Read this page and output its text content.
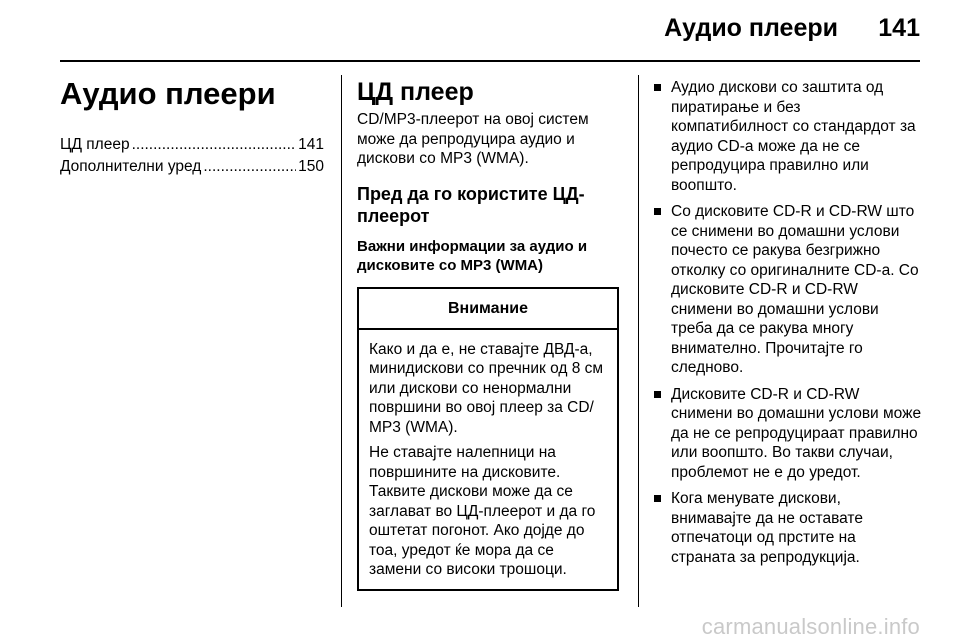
Аудио плеери 141
Аудио плеери
ЦД плеер .....	141
Дополнителни уред .....	150
ЦД плеер

CD/MP3-плеерот на овој систем може да репродуцира аудио и дискови со MP3 (WMA).

Пред да го користите ЦД-плеерот
Важни информации за аудио и дисковите со MP3 (WMA)
Внимание

Како и да е, не ставајте ДВД-а, минидискови со пречник од 8 см или дискови со ненормални површини во овој плеер за CD/ MP3 (WMA).

Не ставајте налепници на површините на дисковите. Таквите дискови може да се заглават во ЦД-плеерот и да го оштетат погонот. Ако дојде до тоа, уредот ќе мора да се замени со високи трошоци.

Аудио дискови со заштита од пиратирање и без компатибилност со стандардот за аудио CD-а може да не се репродуцира правилно или воопшто.
Со дисковите CD-R и CD-RW што се снимени во домашни услови почесто се ракува безгрижно отколку со оригиналните CD-а. Со дисковите CD-R и CD-RW снимени во домашни услови треба да се ракува многу внимателно. Прочитајте го следново.
Дисковите CD-R и CD-RW снимени во домашни услови може да не се репродуцираат правилно или воопшто. Во такви случаи, проблемот не е до уредот.
Кога менувате дискови, внимавајте да не оставате отпечатоци од прстите на страната за репродукција.
carmanualsonline.info
